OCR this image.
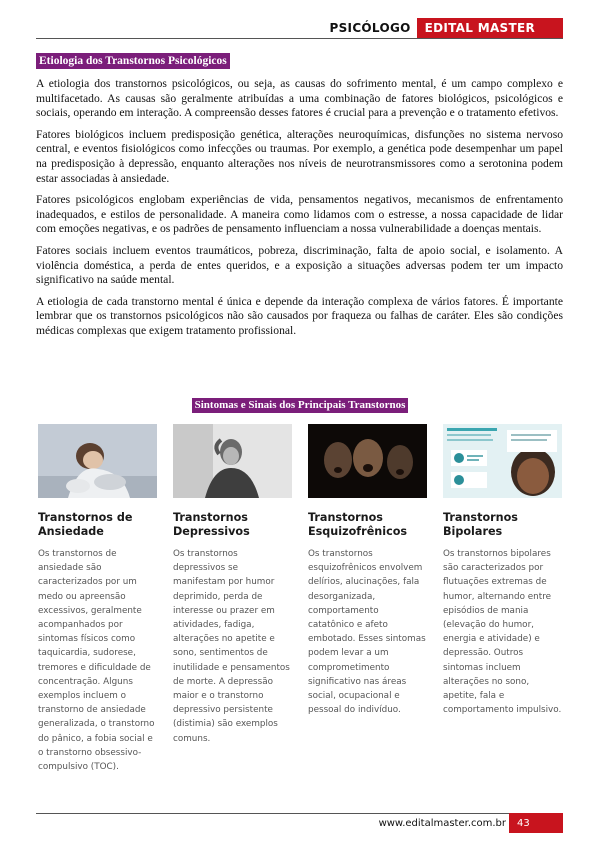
PSICÓLOGO	EDITAL MASTER
Etiologia dos Transtornos Psicológicos

A etiologia dos transtornos psicológicos, ou seja, as causas do sofrimento mental, é um campo complexo e multifacetado. As causas são geralmente atribuídas a uma combinação de fatores biológicos, psicológicos e sociais, operando em interação. A compreensão desses fatores é crucial para a prevenção e o tratamento efetivos.

Fatores biológicos incluem predisposição genética, alterações neuroquímicas, disfunções no sistema nervoso central, e eventos fisiológicos como infecções ou traumas. Por exemplo, a genética pode desempenhar um papel na predisposição à depressão, enquanto alterações nos níveis de neurotransmissores como a serotonina podem estar associadas à ansiedade.

Fatores psicológicos englobam experiências de vida, pensamentos negativos, mecanismos de enfrentamento inadequados, e estilos de personalidade. A maneira como lidamos com o estresse, a nossa capacidade de lidar com emoções negativas, e os padrões de pensamento influenciam a nossa vulnerabilidade a doenças mentais.

Fatores sociais incluem eventos traumáticos, pobreza, discriminação, falta de apoio social, e isolamento. A violência doméstica, a perda de entes queridos, e a exposição a situações adversas podem ter um impacto significativo na saúde mental.

A etiologia de cada transtorno mental é única e depende da interação complexa de vários fatores. É importante lembrar que os transtornos psicológicos não são causados por fraqueza ou falhas de caráter. Eles são condições médicas complexas que exigem tratamento profissional.

Sintomas e Sinais dos Principais Transtornos
Transtornos de Ansiedade

Os transtornos de ansiedade são caracterizados por um medo ou apreensão excessivos, geralmente acompanhados por sintomas físicos como taquicardia, sudorese, tremores e dificuldade de concentração. Alguns exemplos incluem o transtorno de ansiedade generalizada, o transtorno do pânico, a fobia social e o transtorno obsessivo-compulsivo (TOC).

Transtornos Depressivos

Os transtornos depressivos se manifestam por humor deprimido, perda de interesse ou prazer em atividades, fadiga, alterações no apetite e sono, sentimentos de inutilidade e pensamentos de morte. A depressão maior e o transtorno depressivo persistente (distimia) são exemplos comuns.

Transtornos Esquizofrênicos

Os transtornos esquizofrênicos envolvem delírios, alucinações, fala desorganizada, comportamento catatônico e afeto embotado. Esses sintomas podem levar a um comprometimento significativo nas áreas social, ocupacional e pessoal do indivíduo.

Transtornos Bipolares

Os transtornos bipolares são caracterizados por flutuações extremas de humor, alternando entre episódios de mania (elevação do humor, energia e atividade) e depressão. Outros sintomas incluem alterações no sono, apetite, fala e comportamento impulsivo.

www.editalmaster.com.br	43
